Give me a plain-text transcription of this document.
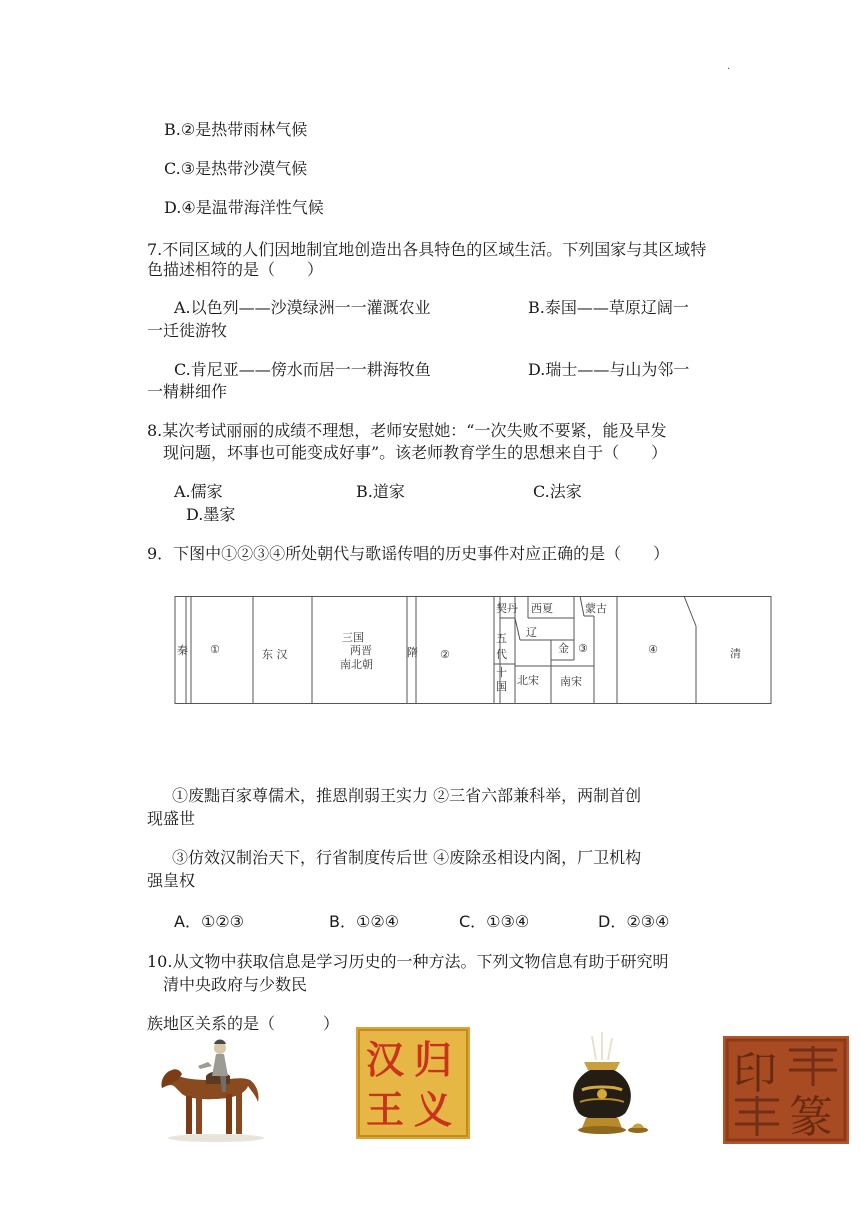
·
B.②是热带雨林气候
C.③是热带沙漠气候
D.④是温带海洋性气候
7.不同区域的人们因地制宜地创造出各具特色的区域生活。下列国家与其区域特
色描述相符的是（　　）
A.以色列——沙漠绿洲一一灌溉农业	B.泰国——草原辽阔一
一迁徙游牧
C.肯尼亚——傍水而居一一耕海牧鱼	D.瑞士——与山为邻一
一精耕细作
8.某次考试丽丽的成绩不理想，老师安慰她：“一次失败不要紧，能及早发
现问题，坏事也可能变成好事”。该老师教育学生的思想来自于（　　）
A.儒家	B.道家	C.法家
D.墨家
9．下图中①②③④所处朝代与歌谣传唱的历史事件对应正确的是（　　）
秦 ①	东 汉
三国
两晋
南北朝
隋 ②
契丹 西夏	蒙古
五
代
辽
金 ③
十
国 北宋 南宋
④	清
①废黜百家尊儒术，推恩削弱王实力 ②三省六部兼科举，两制首创
现盛世
③仿效汉制治天下，行省制度传后世 ④废除丞相设内阁，厂卫机构
强皇权
A．①②③	B．①②④	C．①③④	D．②③④
10.从文物中获取信息是学习历史的一种方法。下列文物信息有助于研究明
清中央政府与少数民
族地区关系的是（　　　）
归
义
汉
王
印
篆
